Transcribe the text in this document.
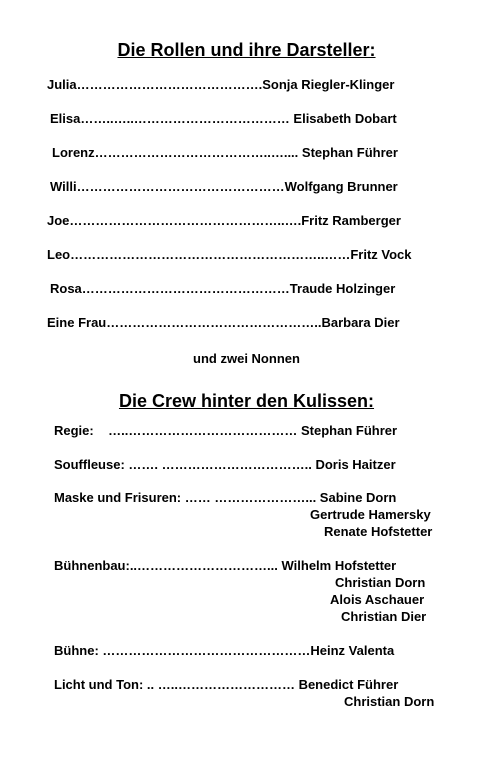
Die Rollen und ihre Darsteller:
Julia…………………………………….Sonja Riegler-Klinger
Elisa……..…..……………………………… Elisabeth Dobart
Lorenz…………………………………..….... Stephan Führer
Willi…………………………………………Wolfgang Brunner
Joe…………………………………………..….Fritz Ramberger
Leo…………………………………………………..……Fritz Vock
Rosa…………………………………………Traude Holzinger
Eine Frau…………………………………………..Barbara Dier
und zwei Nonnen
Die Crew hinter den Kulissen:
Regie:    …..………………………………… Stephan Führer
Souffleuse: ……. …………………………….. Doris Haitzer
Maske und Frisuren: …… …………………... Sabine Dorn
Gertrude Hamersky
Renate Hofstetter
Bühnenbau:..…………………………... Wilhelm Hofstetter
Christian Dorn
Alois Aschauer
Christian Dier
Bühne: …………………………………………Heinz Valenta
Licht und Ton: .. …..……………………… Benedict Führer
Christian Dorn
